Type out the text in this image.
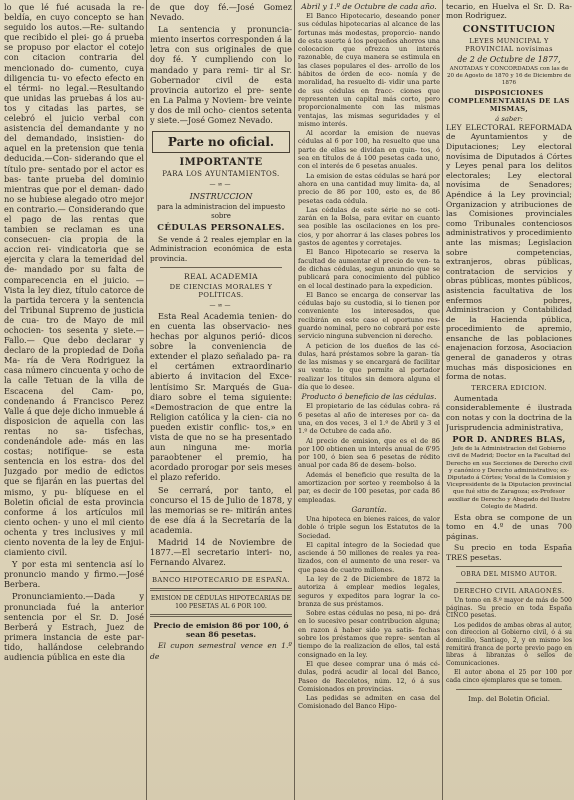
lo que lé fué acusada la re- beldía, en cuyo concepto se han seguido los autos.—Re- sultando que recibido el plei- go á prueba se propuso por elactor el cotejo con citacion contraria del mencionado do- cumento, cuya diligencia tu- vo efecto efecto en el térmi- no legal.—Resultando que unidas las pruebas á los au- tos y citadas las partes, se celebró el juicio verbal con asistencia del demandante y no del demandado, insistien- do aquel en la pretension que tenia deducida.—Con- siderando que el título pre- sentado por el actor es bas- tante prueba del dominio mientras que por el deman- dado no se hubiese alegado otro mejor en contrario.— Considerando que el pago de las rentas que tambien se reclaman es una consecuen- cia propia de la accion rei- vindicatoria que se ejercita y clara la temeridad del de- mandado por su falta de comparecencia en el juicio. —Vista la ley diez, título catorce de la partida tercera y la sentencia del Tribunal Supremo de justicia de cua- tro de Mayo de mil ochocien- tos sesenta y siete.—Fallo.— Que debo declarar y declaro de la propiedad de Doña Ma- ría de Vera Rodriguez la casa número cincuenta y ocho de la calle Tetuan de la villa de Escacena del Cam- po, condenando á Francisco Perez Valle á que deje dicho inmueble á disposicion de aquella con las rentas no sa- tisfechas, condenándole ade- más en las costas; notifíque- se esta sentencia en los estra- dos del Juzgado por medio de edictos que se fijarán en las puertas del mismo, y pu- blíquese en el Boletin oficial de esta provincia conforme á los artículos mil ciento ochen- y uno el mil ciento ochenta y tres inclusives y mil ciento noventa de la ley de Enjui- ciamiento civil.

Y por esta mi sentencia así lo pronuncio mando y firmo.—José Berbera.

Pronunciamiento.—Dada y pronunciada fué la anterior sentencia por el Sr. D. José Berberá y Estrach, Juez de primera instancia de este par- tido, hallándose celebrando audiencia pública en este dia

de que doy fé.—José Gomez Nevado.

La sentencia y pronuncia- miento insertos corresponden á la letra con sus originales de que doy fé. Y cumpliendo con lo mandado y para remi- tir al Sr. Gobernador civil de esta provincia autorizo el pre- sente en La Palma y Noviem- bre veinte y dos de mil ocho- cientos setenta y siete.—José Gomez Nevado.

Parte no oficial.
IMPORTANTE
PARA LOS AYUNTAMIENTOS.

—∞—

INSTRUCCION

para la administracion del impuesto sobre

CÉDULAS PERSONALES.

Se vende á 2 reales ejemplar en la Administracion económica de esta provincia.

REAL ACADEMIA
DE CIENCIAS MORALES Y POLÍTICAS.

—∞—

Esta Real Academia tenien- do en cuenta las observacio- nes hechas por algunos perió- dicos sobre la conveniencia de extender el plazo señalado pa- ra el certámen extraordinario abierto á invitacion del Exce- lentísimo Sr. Marqués de Gua- diaro sobre el tema siguiente: «Demostracion de que entre la Religion católica y la cien- cia no pueden existir conflic- tos,» en vista de que no se ha presentado aun ninguna me- moria paraobtener el premio, ha acordado prorogar por seis meses el plazo referido.

Se cerrará, por tanto, el concurso el 15 de Julio de 1878, y las memorias se re- mitirán antes de ese día á la Secretaría de la academia.

Madrid 14 de Noviembre de 1877.—El secretario interi- no, Fernando Alvarez.

BANCO HIPOTECARIO DE ESPAÑA.

EMISION DE CÉDULAS HIPOTECARIAS DE 100 PESETAS AL 6 POR 100.

Precio de emision 86 por 100, ó sean 86 pesetas.

El cupon semestral vence en 1.º de

Abril y 1.º de Octubre de cada año.

El Banco Hipotecario, deseando poner sus cédulas hipotecarias al alcance de las fortunas más modestas, proporcio- nando de esta suerte á los pequeños ahorros una colocacion que ofrezca un interés razonable, de cuya manera se estimula en las clases populares el des- arrollo de los hábitos de órden de eco- nomía y de moralidad, ha resuelto di- vidir una parte de sus cédulas en fracc- ciones que representen un capital más corto, pero proporcionalmente con las mismas ventajas, las mismas seguridades y el mismo interés.

Al acordar la emision de nuevas cédulas al 6 por 100, ha resuelto que una parte de ellas se dividan en quin- tos, ó sea en títulos de á 100 pesetas cada uno, con el interés de 6 pesetas anuales.

La emision de estas cédulas se hará por ahora en una cantidad muy limita- da, al precio de 86 por 100, esto es, de 86 pesetas cada cédula.

Las cédulas de este série no se coti- zarán en la Bolsa, para evitar en cuanto sea posible las oscilaciones en los pre- cios, y por ahorrar á las clases pobres los gastos de agentes y corretajes.

El Banco Hipotecario se reserva la facultad de aumentar el precio de ven- ta de dichas cédulas, segun anuncio que se publicará para conocimiento del público en el local destinado para la expedicion.

El Banco se encarga de conservar las cédulas bajo su custodia, si lo tienen por conveniente los interesados, que recibirán en este caso el oportuno res- guardo nominal, pero no cobrará por este servicio ninguna subvencion ni derecho.

A peticion de los dueños de las cé- dulas, hará préstamos sobre la garan- tía de las mismas y se encargará de facilitar su venta: lo que permite al portador realizar los títulos sin demora alguna el día que lo desee.

Producto ó beneficio de las cédulas.

El propietario de las cédulas cobra- rá 6 pesetas al año de intereses por ca- da una, en dos veces, 3 el 1.º de Abril y 3 el 1.º de Octubre de cada año.

Al precio de emision, que es el de 86 por 100 obtienen un interés anual de 6'95 por 100, ó bien sea 6 pesetas de rédito anual por cada 86 de desem- bolso.

Además el beneficio que resulta de la amortizacion por sorteo y reembolso á la par, es decir de 100 pesetas, por cada 86 empleadas.

Garantía.

Una hipoteca en bienes raices, de valor doble ó triple segun los Estatutos de la Sociedad.

El capital íntegro de la Sociedad que asciende á 50 millones de reales ya rea- lizados, con el aumento de una reser- va que pasa de cuatro millones.

La ley de 2 de Diciembre de 1872 la autoriza á emplear medios legales, seguros y expeditos para lograr la co- branza de sus préstamos.

Sobre estas cédulas no pesa, ni po- drá en lo sucesivo pesar contribucion alguna; en razon á haber sido ya satis- fechas sobre los préstamos que repre- sentan al tiempo de la realizacion de ellos, tal está consignado en la ley.

El que desee comprar una ó más cé- dulas, podrá acudir al local del Banco, Paseo de Recoletos, núm. 12, ó á sus Comisionados en provincias.

Las pedidas se admiten en casa del Comisionado del Banco Hipo-

tecario, en Huelva el Sr. D. Ra- mon Rodriguez.

CONSTITUCION
LEYES MUNICIPAL Y PROVINCIAL novísimas
de 2 de Octubre de 1877,

ANOTADAS Y CONCORDADAS con las de 20 de Agosto de 1870 y 16 de Diciembre de 1876

DISPOSICIONES COMPLEMENTARIAS DE LAS MISMAS,
á saber:

LEY ELECTORAL REFORMADA de Ayuntamientos y de Diputaciones; Ley electoral novísima de Diputados á Córtes y Leyes penal para los delitos electorales; Ley electoral novísima de Senadores; Apéndice á la Ley provincial; Organizacion y atribuciones de las Comisiones provinciales como Tribunales contenciosos administrativos y procedimiento ante las mismas; Legislacion sobre competencias, extranjeros, obras públicas, contratacion de servicios y obras públicas, montes públicos, asistencia facultativa de los enfermos pobres, Administracion y Contabilidad de la Hacienda pública, procedimiento de apremio, ensanche de las poblaciones enajenacion forzosa, Asociacion general de ganaderos y otras muchas más disposiciones en forma de notas.

TERCERA EDICION.

Aumentada considerablemente é ilustrada con notas y con la doctrina de la Jurisprudencia administrativa,

POR D. ANDRES BLAS,

Jefe de la Administracion del Gobierno civil de Madrid; Doctor en la Facultad del Derecho en sus Secciones de Derecho civil y canónico y Derecho administrativo; ex-Diputado á Córtes; Vocal de la Comision y Vicepresidente de la Diputacion provincial que fué sitio de Zaragoza; ex-Profesor auxiliar de Derecho y Abogado del Ilustre Colegio de Madrid.

Esta obra se compone de un tomo en 4.º de unas 700 páginas.

Su precio en toda España TRES pesetas.

OBRA DEL MISMO AUTOR.
DERECHO CIVIL ARAGONÉS.

Un tomo en 8.º mayor de más de 500 páginas. Su precio en toda España CINCO pesetas.

Los pedidos de ambas obras al autor, con direccion al Gobierno civil, ó á su domicilio, Santiago, 2, y en mismo los remitirá franca de porte previo pago en libras á libranzas ó sellos de Comunicaciones.

El autor abona el 25 por 100 por cada cinco ejemplares que se tomen.

Imp. del Boletin Oficial.
